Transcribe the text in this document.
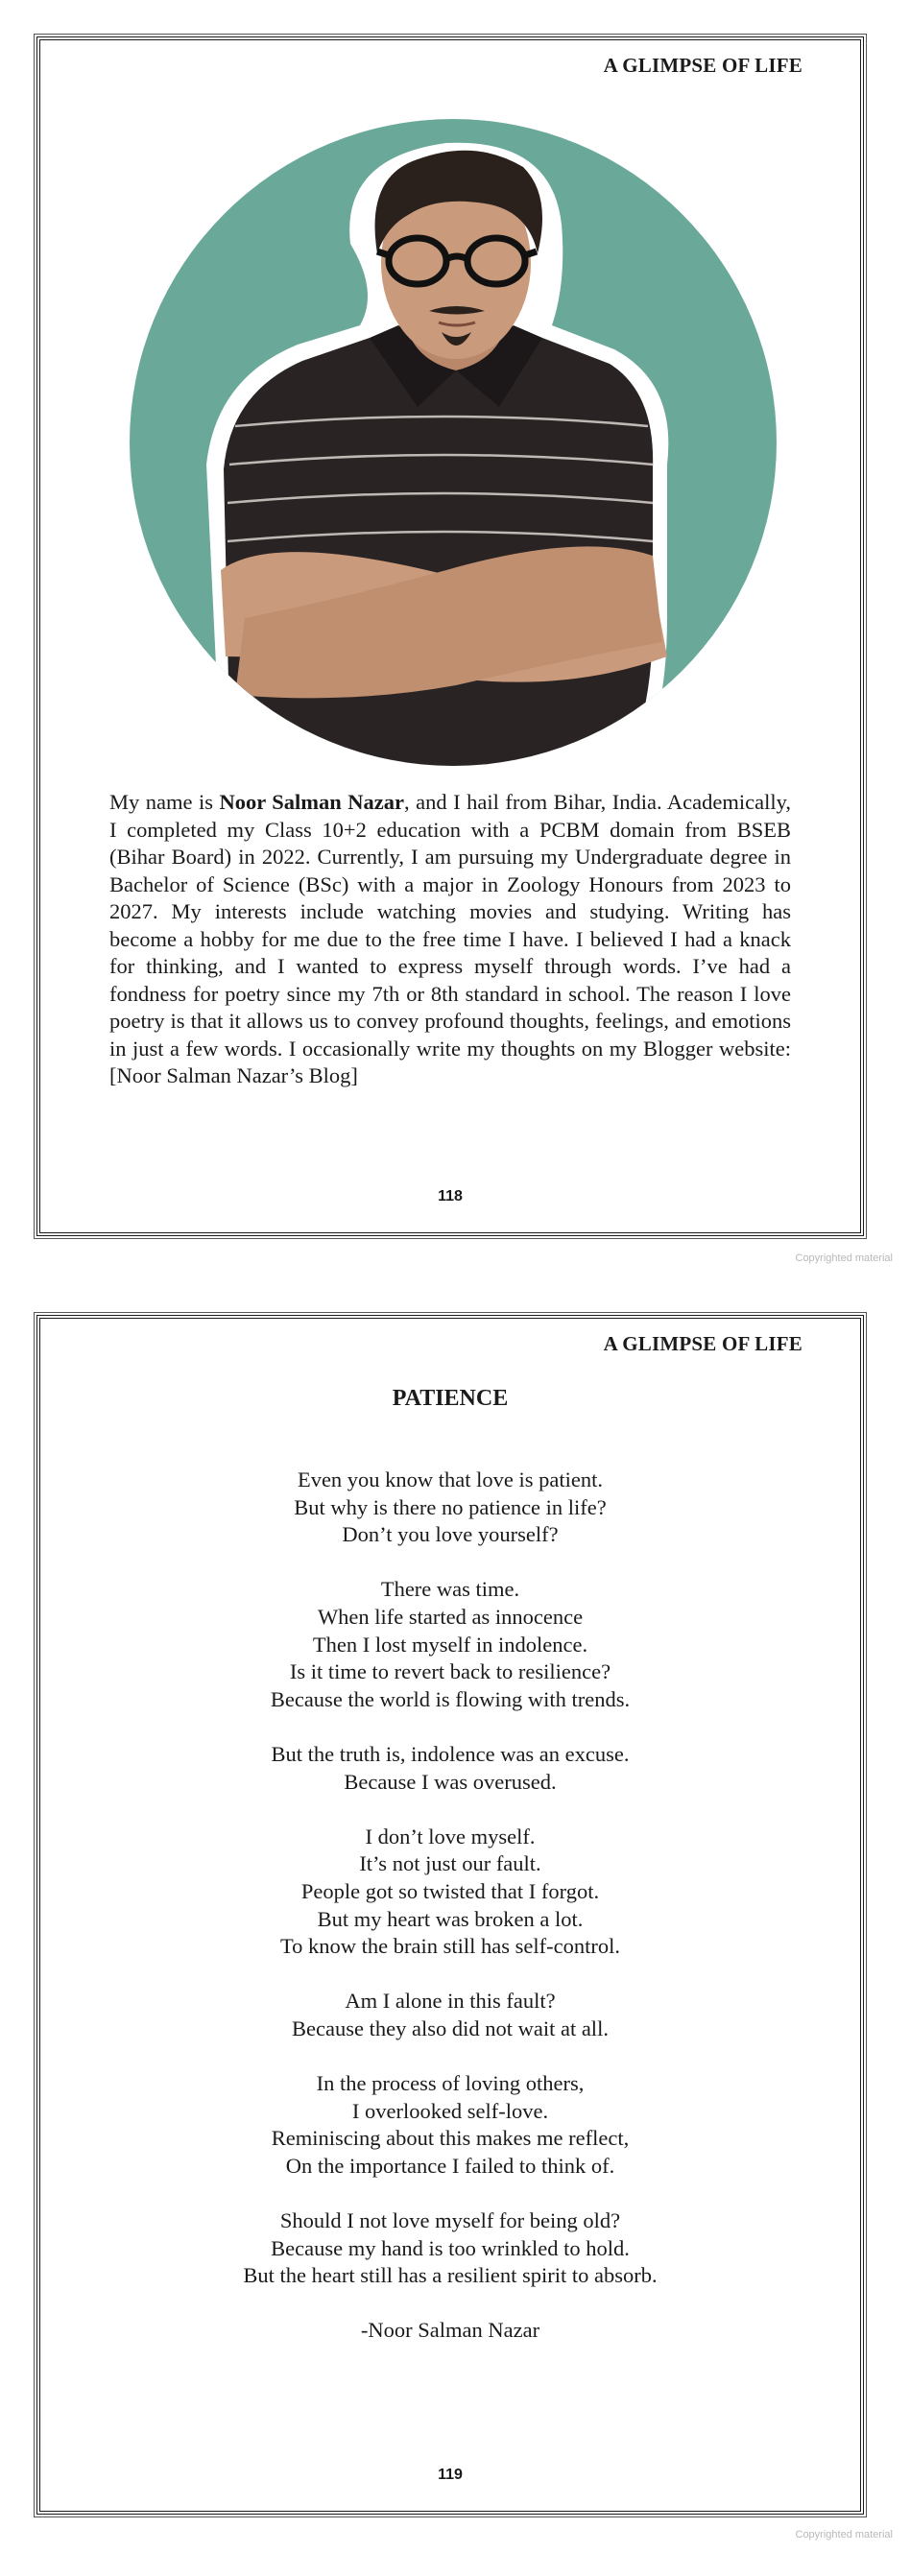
A GLIMPSE OF LIFE
My name is Noor Salman Nazar, and I hail from Bihar, India. Academically, I completed my Class 10+2 education with a PCBM domain from BSEB (Bihar Board) in 2022. Currently, I am pursuing my Undergraduate degree in Bachelor of Science (BSc) with a major in Zoology Honours from 2023 to 2027. My interests include watching movies and studying. Writing has become a hobby for me due to the free time I have. I believed I had a knack for thinking, and I wanted to express myself through words. I’ve had a fondness for poetry since my 7th or 8th standard in school. The reason I love poetry is that it allows us to convey profound thoughts, feelings, and emotions in just a few words. I occasionally write my thoughts on my Blogger website: [Noor Salman Nazar’s Blog]
118
Copyrighted material
A GLIMPSE OF LIFE
PATIENCE
Even you know that love is patient.
But why is there no patience in life?
Don’t you love yourself?
There was time.
When life started as innocence
Then I lost myself in indolence.
Is it time to revert back to resilience?
Because the world is flowing with trends.
But the truth is, indolence was an excuse.
Because I was overused.
I don’t love myself.
It’s not just our fault.
People got so twisted that I forgot.
But my heart was broken a lot.
To know the brain still has self-control.
Am I alone in this fault?
Because they also did not wait at all.
In the process of loving others,
I overlooked self-love.
Reminiscing about this makes me reflect,
On the importance I failed to think of.
Should I not love myself for being old?
Because my hand is too wrinkled to hold.
But the heart still has a resilient spirit to absorb.
-Noor Salman Nazar
119
Copyrighted material
